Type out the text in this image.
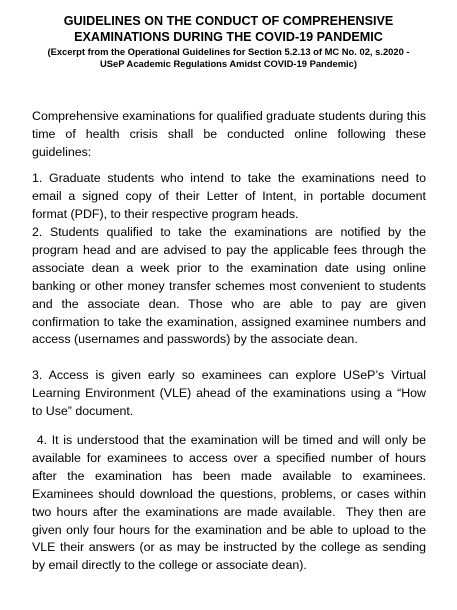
GUIDELINES ON THE CONDUCT OF COMPREHENSIVE

EXAMINATIONS DURING THE COVID-19 PANDEMIC

(Excerpt from the Operational Guidelines for Section 5.2.13 of MC No. 02, s.2020 -

USeP Academic Regulations Amidst COVID-19 Pandemic)

Comprehensive examinations for qualified graduate students during this time of health crisis shall be conducted online following these guidelines:

1. Graduate students who intend to take the examinations need to email a signed copy of their Letter of Intent, in portable document format (PDF), to their respective program heads.

2. Students qualified to take the examinations are notified by the program head and are advised to pay the applicable fees through the associate dean a week prior to the examination date using online banking or other money transfer schemes most convenient to students and the associate dean. Those who are able to pay are given confirmation to take the examination, assigned examinee numbers and access (usernames and passwords) by the associate dean.

3. Access is given early so examinees can explore USeP’s Virtual Learning Environment (VLE) ahead of the examinations using a “How to Use” document.

4. It is understood that the examination will be timed and will only be available for examinees to access over a specified number of hours after the examination has been made available to examinees. Examinees should download the questions, problems, or cases within two hours after the examinations are made available.  They then are given only four hours for the examination and be able to upload to the VLE their answers (or as may be instructed by the college as sending by email directly to the college or associate dean).
